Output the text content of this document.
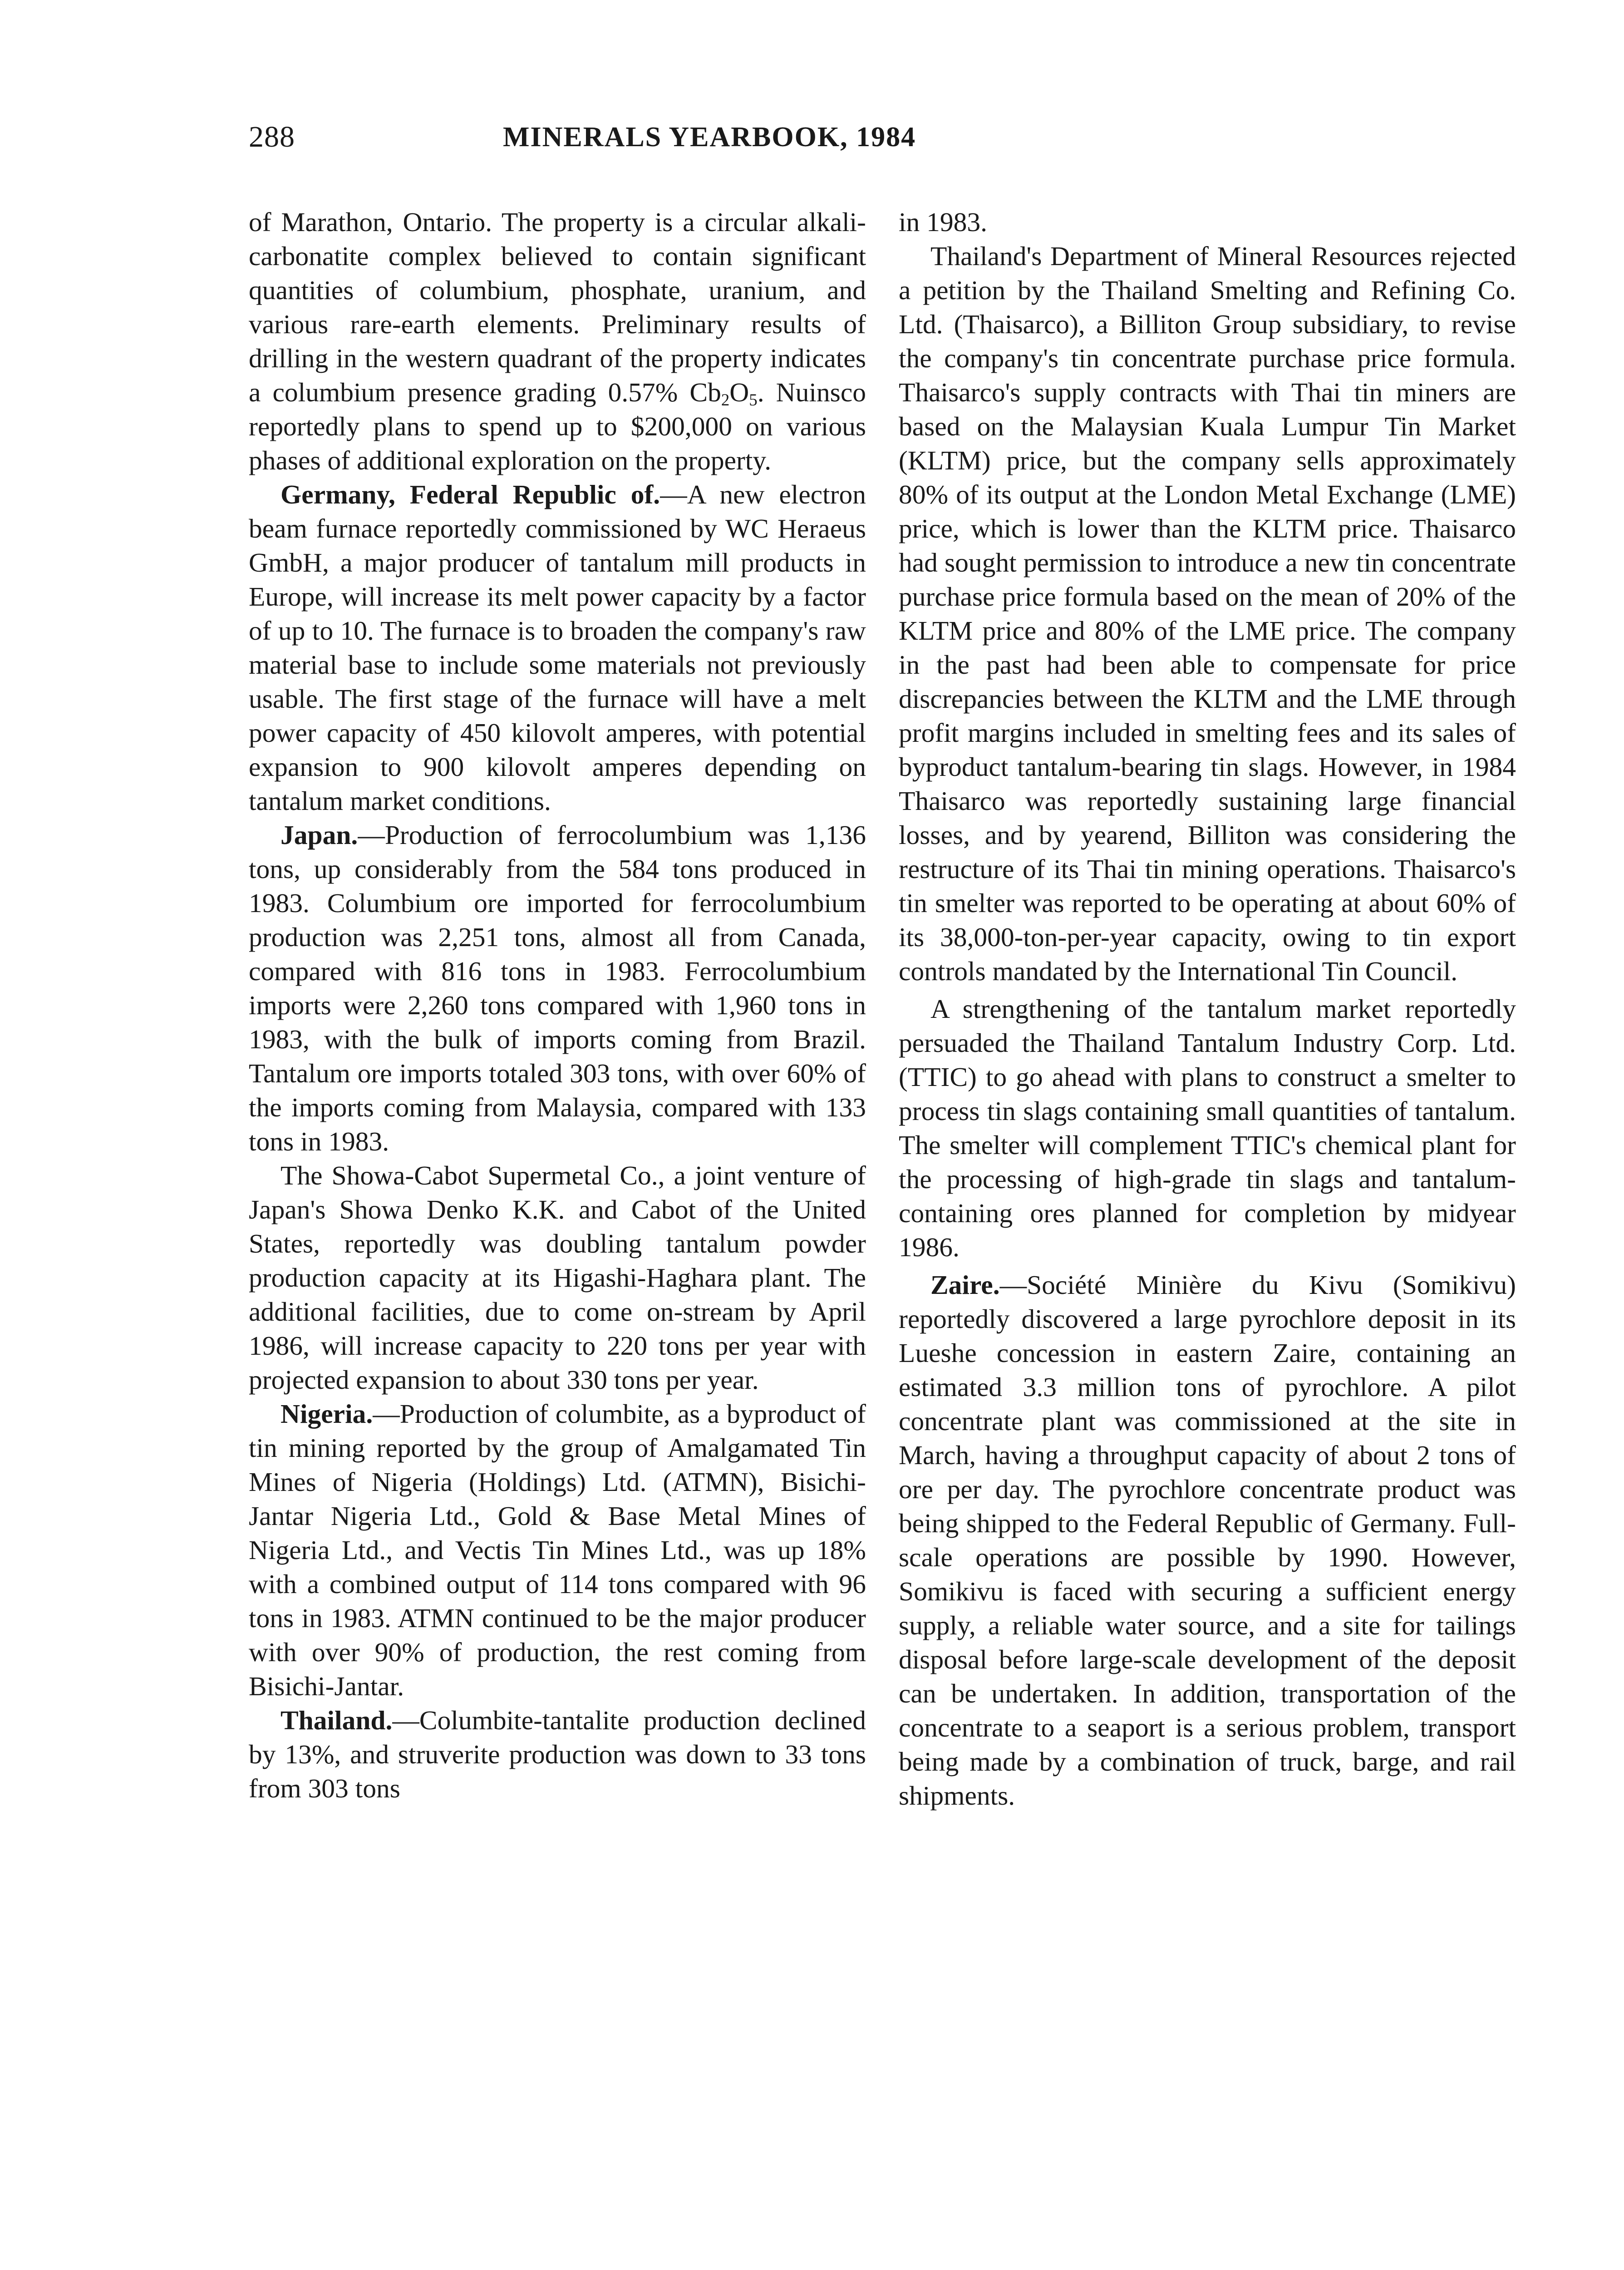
288	MINERALS YEARBOOK, 1984

of Marathon, Ontario. The property is a circular alkali-carbonatite complex believed to contain significant quantities of columbium, phosphate, uranium, and various rare-earth elements. Preliminary results of drilling in the western quadrant of the property indicates a columbium presence grading 0.57% $Cb_2O_5$. Nuinsco reportedly plans to spend up to $200,000 on various phases of additional exploration on the property.

Germany, Federal Republic of.—A new electron beam furnace reportedly commissioned by WC Heraeus GmbH, a major producer of tantalum mill products in Europe, will increase its melt power capacity by a factor of up to 10. The furnace is to broaden the company's raw material base to include some materials not previously usable. The first stage of the furnace will have a melt power capacity of 450 kilovolt amperes, with potential expansion to 900 kilovolt amperes depending on tantalum market conditions.

Japan.—Production of ferrocolumbium was 1,136 tons, up considerably from the 584 tons produced in 1983. Columbium ore imported for ferrocolumbium production was 2,251 tons, almost all from Canada, compared with 816 tons in 1983. Ferrocolumbium imports were 2,260 tons compared with 1,960 tons in 1983, with the bulk of imports coming from Brazil. Tantalum ore imports totaled 303 tons, with over 60% of the imports coming from Malaysia, compared with 133 tons in 1983.

The Showa-Cabot Supermetal Co., a joint venture of Japan's Showa Denko K.K. and Cabot of the United States, reportedly was doubling tantalum powder production capacity at its Higashi-Haghara plant. The additional facilities, due to come on-stream by April 1986, will increase capacity to 220 tons per year with projected expansion to about 330 tons per year.

Nigeria.—Production of columbite, as a byproduct of tin mining reported by the group of Amalgamated Tin Mines of Nigeria (Holdings) Ltd. (ATMN), Bisichi-Jantar Nigeria Ltd., Gold & Base Metal Mines of Nigeria Ltd., and Vectis Tin Mines Ltd., was up 18% with a combined output of 114 tons compared with 96 tons in 1983. ATMN continued to be the major producer with over 90% of production, the rest coming from Bisichi-Jantar.

Thailand.—Columbite-tantalite production declined by 13%, and struverite production was down to 33 tons from 303 tons

in 1983.

Thailand's Department of Mineral Resources rejected a petition by the Thailand Smelting and Refining Co. Ltd. (Thaisarco), a Billiton Group subsidiary, to revise the company's tin concentrate purchase price formula. Thaisarco's supply contracts with Thai tin miners are based on the Malaysian Kuala Lumpur Tin Market (KLTM) price, but the company sells approximately 80% of its output at the London Metal Exchange (LME) price, which is lower than the KLTM price. Thaisarco had sought permission to introduce a new tin concentrate purchase price formula based on the mean of 20% of the KLTM price and 80% of the LME price. The company in the past had been able to compensate for price discrepancies between the KLTM and the LME through profit margins included in smelting fees and its sales of byproduct tantalum-bearing tin slags. However, in 1984 Thaisarco was reportedly sustaining large financial losses, and by yearend, Billiton was considering the restructure of its Thai tin mining operations. Thaisarco's tin smelter was reported to be operating at about 60% of its 38,000-ton-per-year capacity, owing to tin export controls mandated by the International Tin Council.

A strengthening of the tantalum market reportedly persuaded the Thailand Tantalum Industry Corp. Ltd. (TTIC) to go ahead with plans to construct a smelter to process tin slags containing small quantities of tantalum. The smelter will complement TTIC's chemical plant for the processing of high-grade tin slags and tantalum-containing ores planned for completion by midyear 1986.

Zaire.—Société Minière du Kivu (Somikivu) reportedly discovered a large pyrochlore deposit in its Lueshe concession in eastern Zaire, containing an estimated 3.3 million tons of pyrochlore. A pilot concentrate plant was commissioned at the site in March, having a throughput capacity of about 2 tons of ore per day. The pyrochlore concentrate product was being shipped to the Federal Republic of Germany. Full-scale operations are possible by 1990. However, Somikivu is faced with securing a sufficient energy supply, a reliable water source, and a site for tailings disposal before large-scale development of the deposit can be undertaken. In addition, transportation of the concentrate to a seaport is a serious problem, transport being made by a combination of truck, barge, and rail shipments.
